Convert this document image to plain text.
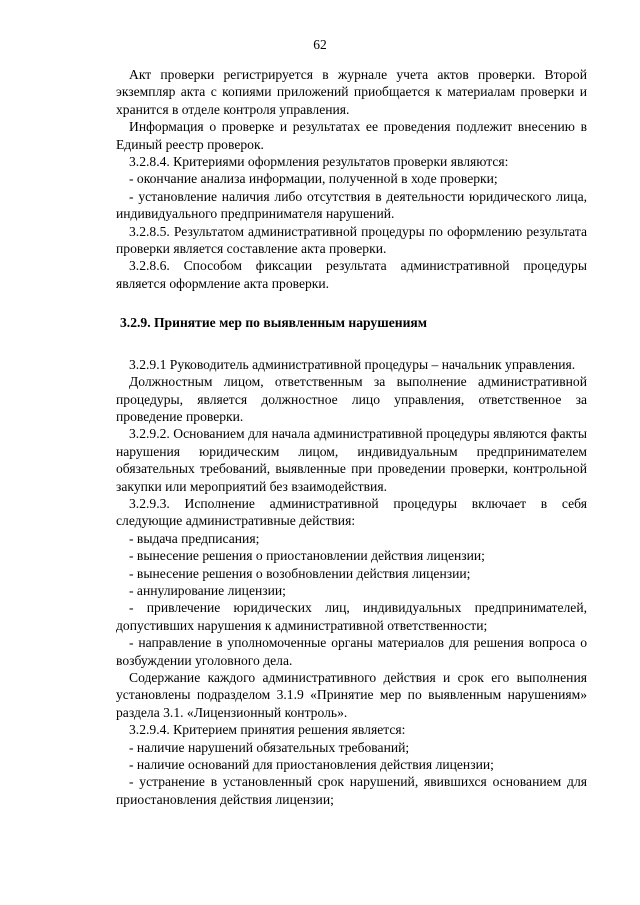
62

Акт проверки регистрируется в журнале учета актов проверки. Второй экземпляр акта с копиями приложений приобщается к материалам проверки и хранится в отделе контроля управления.

Информация о проверке и результатах ее проведения подлежит внесению в Единый реестр проверок.

3.2.8.4. Критериями оформления результатов проверки являются:

- окончание анализа информации, полученной в ходе проверки;

- установление наличия либо отсутствия в деятельности юридического лица, индивидуального предпринимателя нарушений.

3.2.8.5. Результатом административной процедуры по оформлению результата проверки является составление акта проверки.

3.2.8.6. Способом фиксации результата административной процедуры является оформление акта проверки.

3.2.9. Принятие мер по выявленным нарушениям

3.2.9.1 Руководитель административной процедуры – начальник управления.

Должностным лицом, ответственным за выполнение административной процедуры, является должностное лицо управления, ответственное за проведение проверки.

3.2.9.2. Основанием для начала административной процедуры являются факты нарушения юридическим лицом, индивидуальным предпринимателем обязательных требований, выявленные при проведении проверки, контрольной закупки или мероприятий без взаимодействия.

3.2.9.3. Исполнение административной процедуры включает в себя следующие административные действия:

- выдача предписания;

- вынесение решения о приостановлении действия лицензии;

- вынесение решения о возобновлении действия лицензии;

- аннулирование лицензии;

- привлечение юридических лиц, индивидуальных предпринимателей, допустивших нарушения к административной ответственности;

- направление в уполномоченные органы материалов для решения вопроса о возбуждении уголовного дела.

Содержание каждого административного действия и срок его выполнения установлены подразделом 3.1.9 «Принятие мер по выявленным нарушениям» раздела 3.1. «Лицензионный контроль».

3.2.9.4. Критерием принятия решения является:

- наличие нарушений обязательных требований;

- наличие оснований для приостановления действия лицензии;

- устранение в установленный срок нарушений, явившихся основанием для приостановления действия лицензии;
